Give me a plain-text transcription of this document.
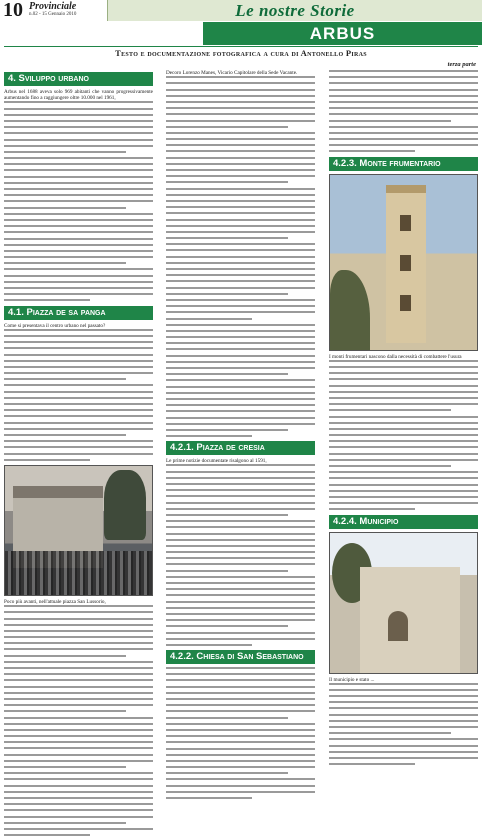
10 Provinciale
n.02 - 15 Gennaio 2010	Le nostre Storie
ARBUS
Testo e documentazione fotografica a cura di Antonello Piras
terza parte
4. Sviluppo urbano
Arbus nel 1688 aveva solo 969 abitanti che vanno progressivamente aumentando fino a raggiungere oltre 10.000 nel 1961,
4.1. Piazza de sa panga
Come si presentava il centro urbano nel passato?
Poco più avanti, nell'attuale piazza San Lussorio,
Decoro Lorenzo Manes, Vicario Capitolare della Sede Vacante.
4.2.1. Piazza de cresia
Le prime notizie documentate risalgono al 1591,
4.2.2. Chiesa di San Sebastiano
4.2.3. Monte frumentario
I monti frumentari nascono dalla necessità di combattere l'usura
4.2.4. Municipio
Il municipio e stato ...
